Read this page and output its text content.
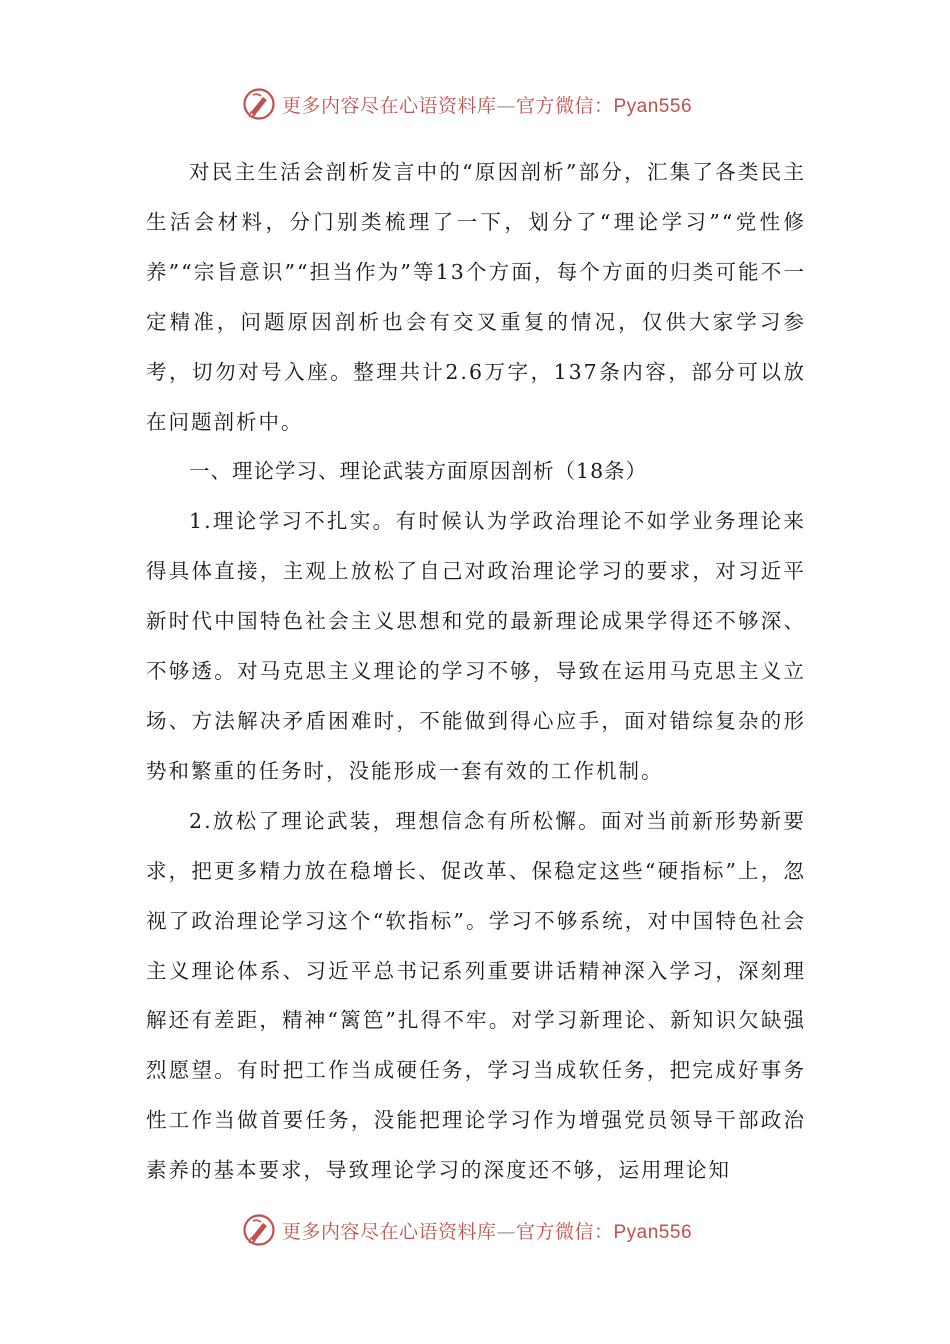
更多内容尽在心语资料库—官方微信：Pyan556

对民主生活会剖析发言中的“原因剖析”部分，汇集了各类民主生活会材料，分门别类梳理了一下，划分了“理论学习”“党性修养”“宗旨意识”“担当作为”等13个方面，每个方面的归类可能不一定精准，问题原因剖析也会有交叉重复的情况，仅供大家学习参考，切勿对号入座。整理共计2.6万字，137条内容，部分可以放在问题剖析中。

一、理论学习、理论武装方面原因剖析（18条）

1.理论学习不扎实。有时候认为学政治理论不如学业务理论来得具体直接，主观上放松了自己对政治理论学习的要求，对习近平新时代中国特色社会主义思想和党的最新理论成果学得还不够深、不够透。对马克思主义理论的学习不够，导致在运用马克思主义立场、方法解决矛盾困难时，不能做到得心应手，面对错综复杂的形势和繁重的任务时，没能形成一套有效的工作机制。

2.放松了理论武装，理想信念有所松懈。面对当前新形势新要求，把更多精力放在稳增长、促改革、保稳定这些“硬指标”上，忽视了政治理论学习这个“软指标”。学习不够系统，对中国特色社会主义理论体系、习近平总书记系列重要讲话精神深入学习，深刻理解还有差距，精神“篱笆”扎得不牢。对学习新理论、新知识欠缺强烈愿望。有时把工作当成硬任务，学习当成软任务，把完成好事务性工作当做首要任务，没能把理论学习作为增强党员领导干部政治素养的基本要求，导致理论学习的深度还不够，运用理论知

更多内容尽在心语资料库—官方微信：Pyan556
